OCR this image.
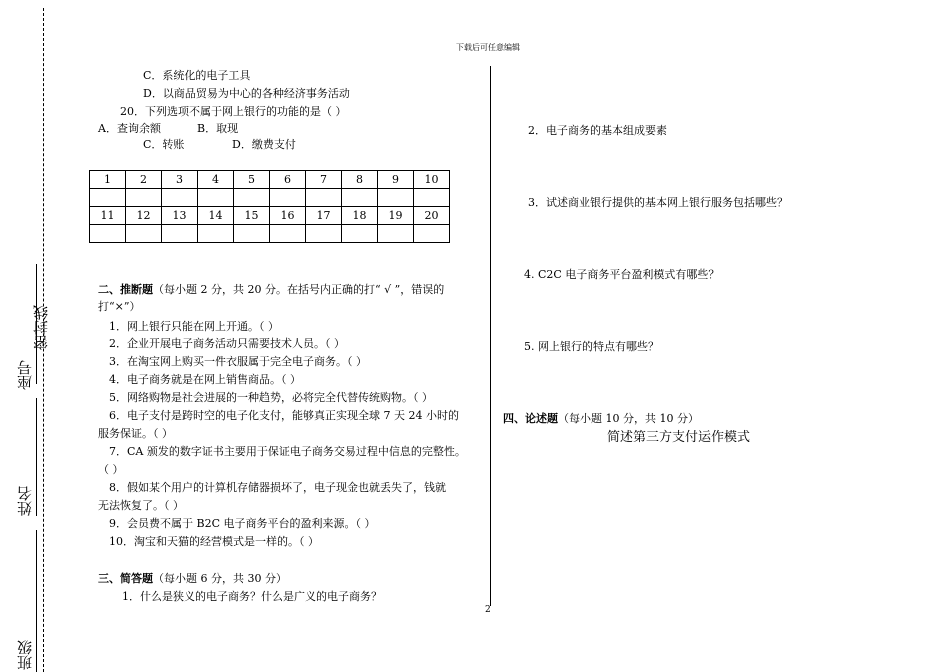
下载后可任意编辑
座号
密封线
姓名
班级
C．系统化的电子工具
D．以商品贸易为中心的各种经济事务活动
20．下列选项不属于网上银行的功能的是（ ）
A．查询余额	B．取现
C．转账	D．缴费支付
1	2	3	4	5	6	7	8	9	10

11	12	13	14	15	16	17	18	19	20

二、推断题（每小题 2 分，共 20 分。在括号内正确的打“ √ ”，错误的
打“×”）
1．网上银行只能在网上开通。（ ）
2．企业开展电子商务活动只需要技术人员。（ ）
3．在淘宝网上购买一件衣服属于完全电子商务。（ ）
4．电子商务就是在网上销售商品。（ ）
5．网络购物是社会进展的一种趋势，必将完全代替传统购物。（ ）
6．电子支付是跨时空的电子化支付，能够真正实现全球 7 天 24 小时的
服务保证。（ ）
7．CA 颁发的数字证书主要用于保证电子商务交易过程中信息的完整性。
（ ）
8．假如某个用户的计算机存储器损坏了，电子现金也就丢失了，钱就
无法恢复了。（ ）
9．会员费不属于 B2C 电子商务平台的盈利来源。（ ）
10．淘宝和天猫的经营模式是一样的。（ ）
三、简答题（每小题 6 分，共 30 分）
1．什么是狭义的电子商务？什么是广义的电子商务？
2．电子商务的基本组成要素
3．试述商业银行提供的基本网上银行服务包括哪些？
4. C2C 电子商务平台盈利模式有哪些？
5. 网上银行的特点有哪些？
四、论述题（每小题 10 分，共 10 分）
简述第三方支付运作模式
2
